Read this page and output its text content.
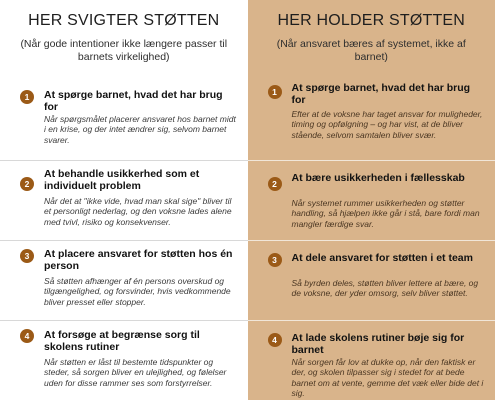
HER SVIGTER STØTTEN
(Når gode intentioner ikke længere passer til barnets virkelighed)
1	At spørge barnet, hvad det har brug for
Når spørgsmålet placerer ansvaret hos barnet midt i en krise, og der intet ændrer sig, selvom barnet svarer.
2
At behandle usikkerhed som et individuelt problem
Når det at "ikke vide, hvad man skal sige" bliver til et personligt nederlag, og den voksne lades alene med tvivl, risiko og konsekvenser.
3	At placere ansvaret for støtten hos én person
Så støtten afhænger af én persons overskud og tilgængelighed, og forsvinder, hvis vedkommende bliver presset eller stopper.
4	At forsøge at begrænse sorg til skolens rutiner
Når støtten er låst til bestemte tidspunkter og steder, så sorgen bliver en ulejlighed, og følelser uden for disse rammer ses som forstyrrelser.
HER HOLDER STØTTEN
(Når ansvaret bæres af systemet, ikke af barnet)
1	At spørge barnet, hvad det har brug for
Efter at de voksne har taget ansvar for muligheder, timing og opfølgning – og har vist, at de bliver stående, selvom samtalen bliver svær.
2	At bære usikkerheden i fællesskab
Når systemet rummer usikkerheden og støtter handling, så hjælpen ikke går i stå, bare fordi man mangler færdige svar.
3	At dele ansvaret for støtten i et team
Så byrden deles, støtten bliver lettere at bære, og de voksne, der yder omsorg, selv bliver støttet.
4	At lade skolens rutiner bøje sig for barnet
Når sorgen får lov at dukke op, når den faktisk er der, og skolen tilpasser sig i stedet for at bede barnet om at vente, gemme det væk eller bide det i sig.
